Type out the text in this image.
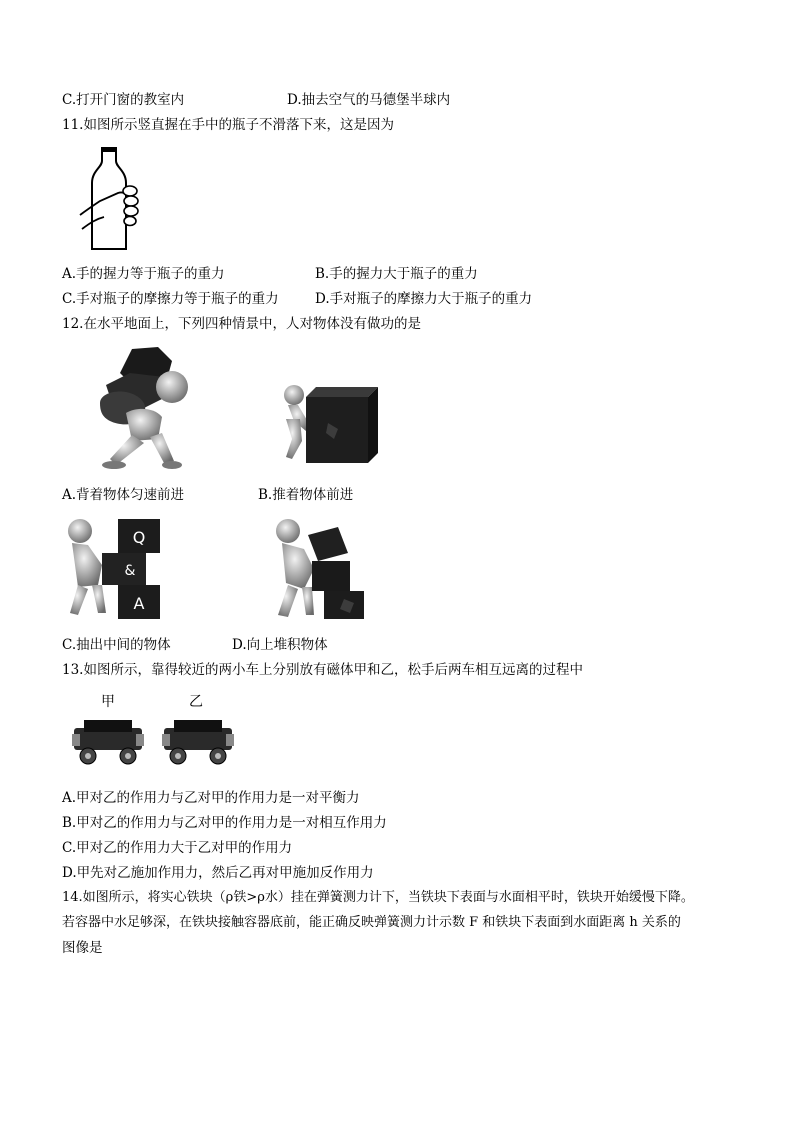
C.打开门窗的教室内	D.抽去空气的马德堡半球内
11.如图所示竖直握在手中的瓶子不滑落下来，这是因为
A.手的握力等于瓶子的重力	B.手的握力大于瓶子的重力
C.手对瓶子的摩擦力等于瓶子的重力	D.手对瓶子的摩擦力大于瓶子的重力
12.在水平地面上，下列四种情景中，人对物体没有做功的是
A.背着物体匀速前进	B.推着物体前进
Q
&
A
C.抽出中间的物体	D.向上堆积物体
13.如图所示，靠得较近的两小车上分别放有磁体甲和乙，松手后两车相互远离的过程中
甲	乙
A.甲对乙的作用力与乙对甲的作用力是一对平衡力
B.甲对乙的作用力与乙对甲的作用力是一对相互作用力
C.甲对乙的作用力大于乙对甲的作用力
D.甲先对乙施加作用力，然后乙再对甲施加反作用力
14.如图所示，将实心铁块（ρ铁>ρ水）挂在弹簧测力计下，当铁块下表面与水面相平时，铁块开始缓慢下降。
若容器中水足够深，在铁块接触容器底前，能正确反映弹簧测力计示数 F 和铁块下表面到水面距离 h 关系的
图像是
